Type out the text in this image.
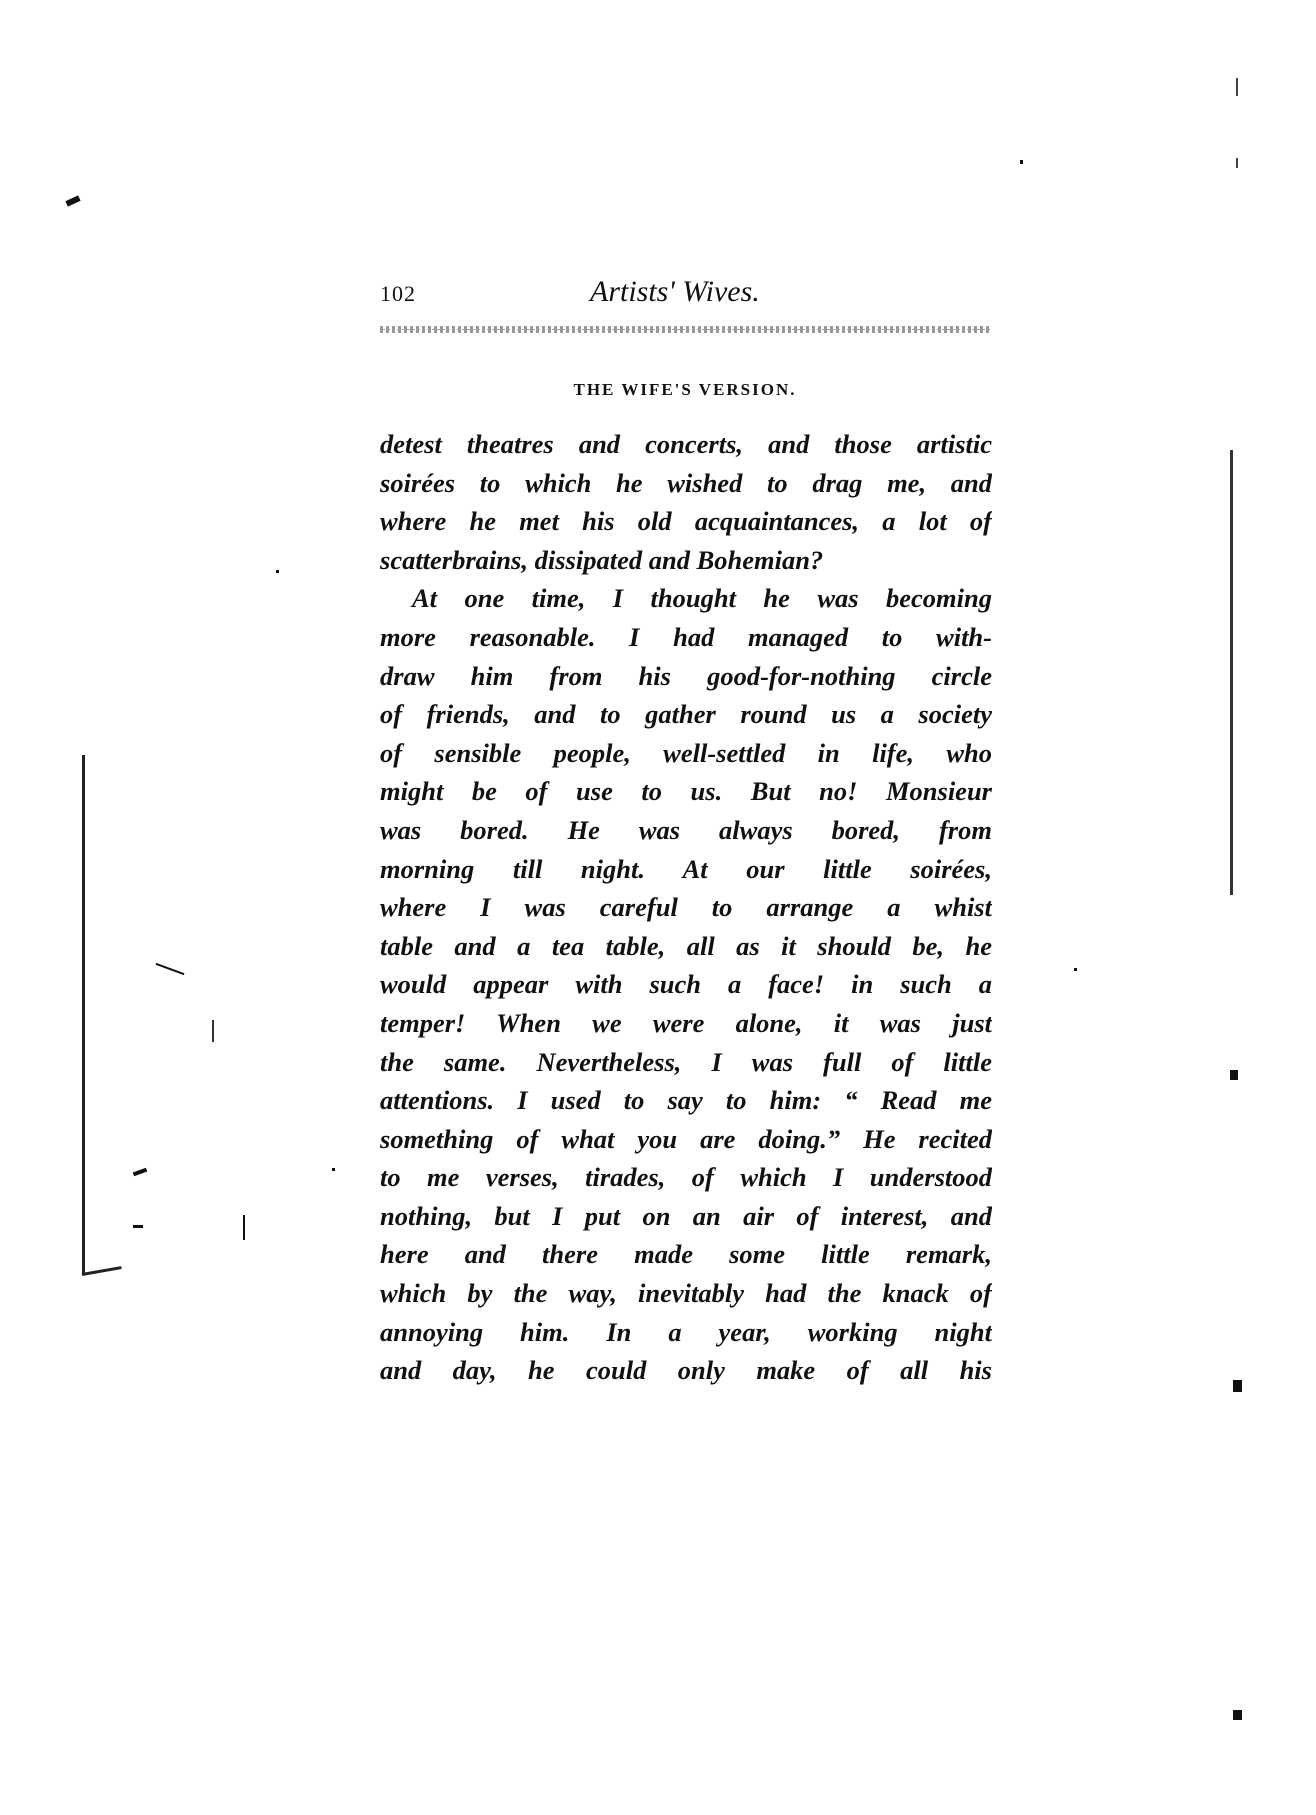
102	Artists' Wives.
THE WIFE'S VERSION.
detest theatres and concerts, and those artistic
soirées to which he wished to drag me, and
where he met his old acquaintances, a lot of
scatterbrains, dissipated and Bohemian?
At one time, I thought he was becoming
more reasonable. I had managed to with-
draw him from his good-for-nothing circle
of friends, and to gather round us a society
of sensible people, well-settled in life, who
might be of use to us. But no! Monsieur
was bored. He was always bored, from
morning till night. At our little soirées,
where I was careful to arrange a whist
table and a tea table, all as it should be, he
would appear with such a face! in such a
temper! When we were alone, it was just
the same. Nevertheless, I was full of little
attentions. I used to say to him: “ Read me
something of what you are doing.” He recited
to me verses, tirades, of which I understood
nothing, but I put on an air of interest, and
here and there made some little remark,
which by the way, inevitably had the knack of
annoying him. In a year, working night
and day, he could only make of all his
